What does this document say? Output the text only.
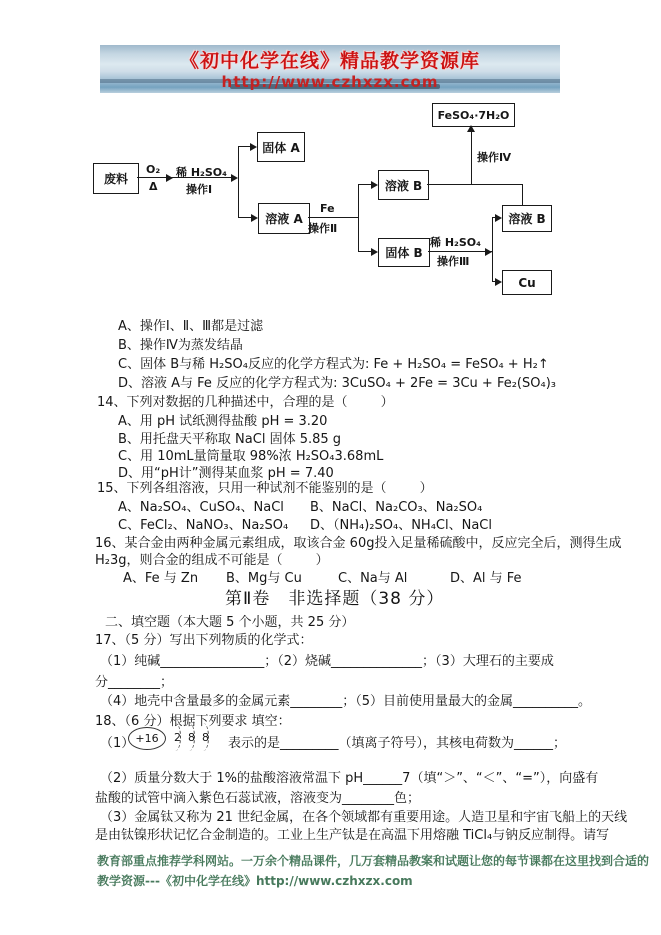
《初中化学在线》精品教学资源库
http://www.czhxzx.com
废料
固体 A
溶液 A
溶液 B
固体 B
FeSO₄·7H₂O
溶液 B
Cu
O₂
Δ
稀 H₂SO₄
操作Ⅰ
Fe
操作Ⅱ
稀 H₂SO₄
操作Ⅲ
操作Ⅳ
A、操作Ⅰ、Ⅱ、Ⅲ都是过滤
B、操作Ⅳ为蒸发结晶
C、固体 B与稀 H₂SO₄反应的化学方程式为: Fe + H₂SO₄ = FeSO₄ + H₂↑
D、溶液 A与 Fe 反应的化学方程式为: 3CuSO₄ + 2Fe = 3Cu + Fe₂(SO₄)₃
14、下列对数据的几种描述中，合理的是（        ）
A、用 pH 试纸测得盐酸 pH = 3.20
B、用托盘天平称取 NaCl 固体 5.85 g
C、用 10mL量筒量取 98%浓 H₂SO₄3.68mL
D、用“pH计”测得某血浆 pH = 7.40
15、下列各组溶液，只用一种试剂不能鉴别的是（        ）
A、Na₂SO₄、CuSO₄、NaCl B、NaCl、Na₂CO₃、Na₂SO₄
C、FeCl₂、NaNO₃、Na₂SO₄ D、（NH₄)₂SO₄、NH₄Cl、NaCl
16、某合金由两种金属元素组成，取该合金 60g投入足量稀硫酸中，反应完全后，测得生成
H₂3g，则合金的组成不可能是（        ）
A、Fe 与 Zn B、Mg与 Cu	C、Na与 Al	D、Al 与 Fe
第Ⅱ卷　非选择题（38 分）
二、填空题（本大题 5 个小题，共 25 分）
17、（5 分）写出下列物质的化学式：
（1）纯碱________________；（2）烧碱______________；（3）大理石的主要成
分________；
（4）地壳中含量最多的金属元素________；（5）目前使用量最大的金属__________。
18、（6 分）根据下列要求 填空：
（1） +16	2 8 8 表示的是_________（填离子符号），其核电荷数为______；
（2）质量分数大于 1%的盐酸溶液常温下 pH______7（填“＞”、“＜”、“=”），向盛有
盐酸的试管中滴入紫色石蕊试液，溶液变为________色；
（3）金属钛又称为 21 世纪金属，在各个领域都有重要用途。人造卫星和宇宙飞船上的天线
是由钛镍形状记忆合金制造的。工业上生产钛是在高温下用熔融 TiCl₄与钠反应制得。请写
教育部重点推荐学科网站。一万余个精品课件，几万套精品教案和试题让您的每节课都在这里找到合适的
教学资源---《初中化学在线》http://www.czhxzx.com
